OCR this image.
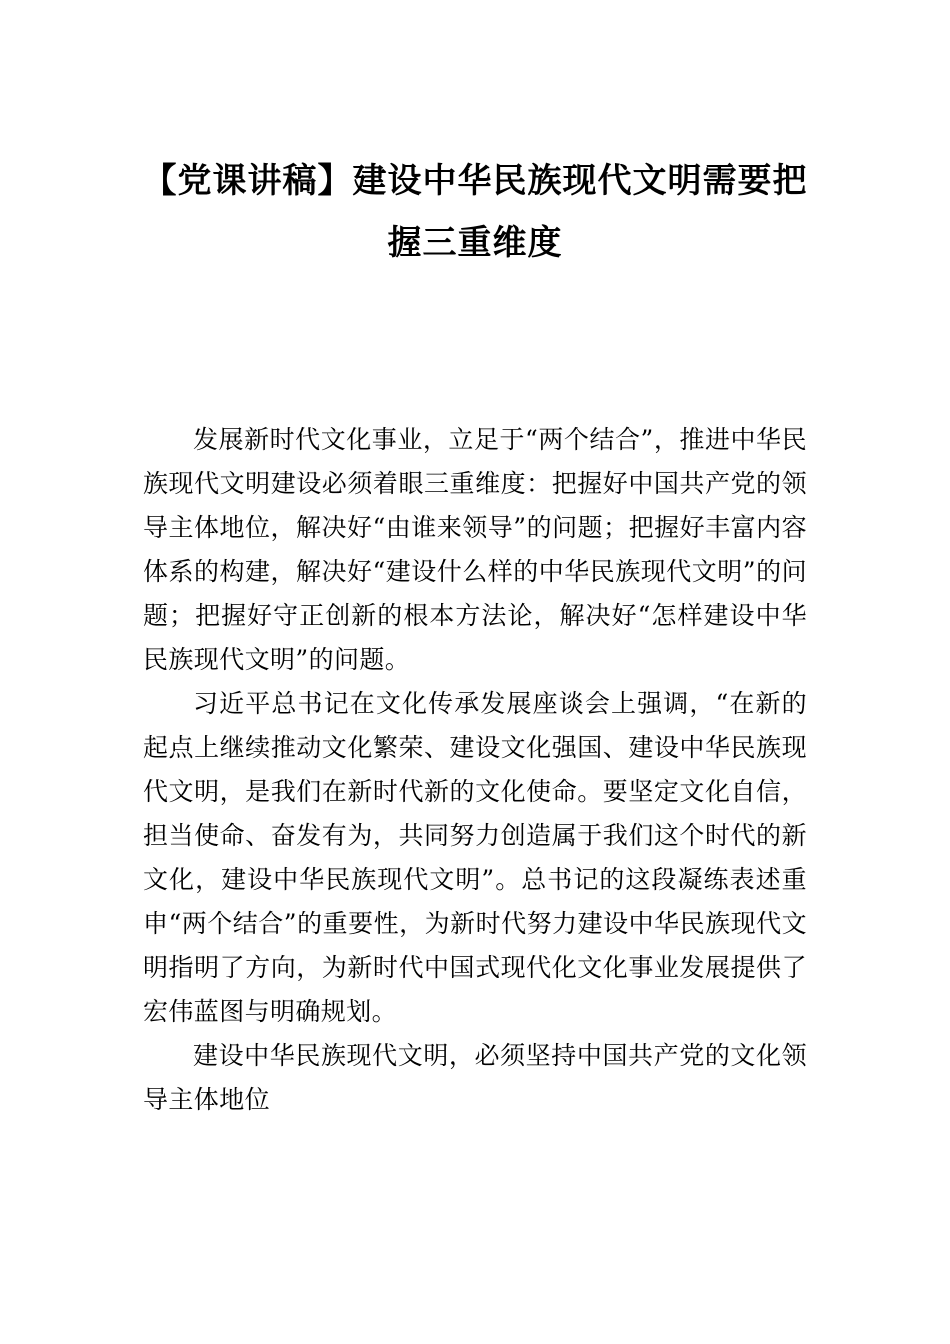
【党课讲稿】建设中华民族现代文明需要把
握三重维度

发展新时代文化事业，立足于“两个结合”，推进中华民族现代文明建设必须着眼三重维度：把握好中国共产党的领导主体地位，解决好“由谁来领导”的问题；把握好丰富内容体系的构建，解决好“建设什么样的中华民族现代文明”的问题；把握好守正创新的根本方法论，解决好“怎样建设中华民族现代文明”的问题。

习近平总书记在文化传承发展座谈会上强调，“在新的起点上继续推动文化繁荣、建设文化强国、建设中华民族现代文明，是我们在新时代新的文化使命。要坚定文化自信，担当使命、奋发有为，共同努力创造属于我们这个时代的新文化，建设中华民族现代文明”。总书记的这段凝练表述重申“两个结合”的重要性，为新时代努力建设中华民族现代文明指明了方向，为新时代中国式现代化文化事业发展提供了宏伟蓝图与明确规划。

建设中华民族现代文明，必须坚持中国共产党的文化领导主体地位
